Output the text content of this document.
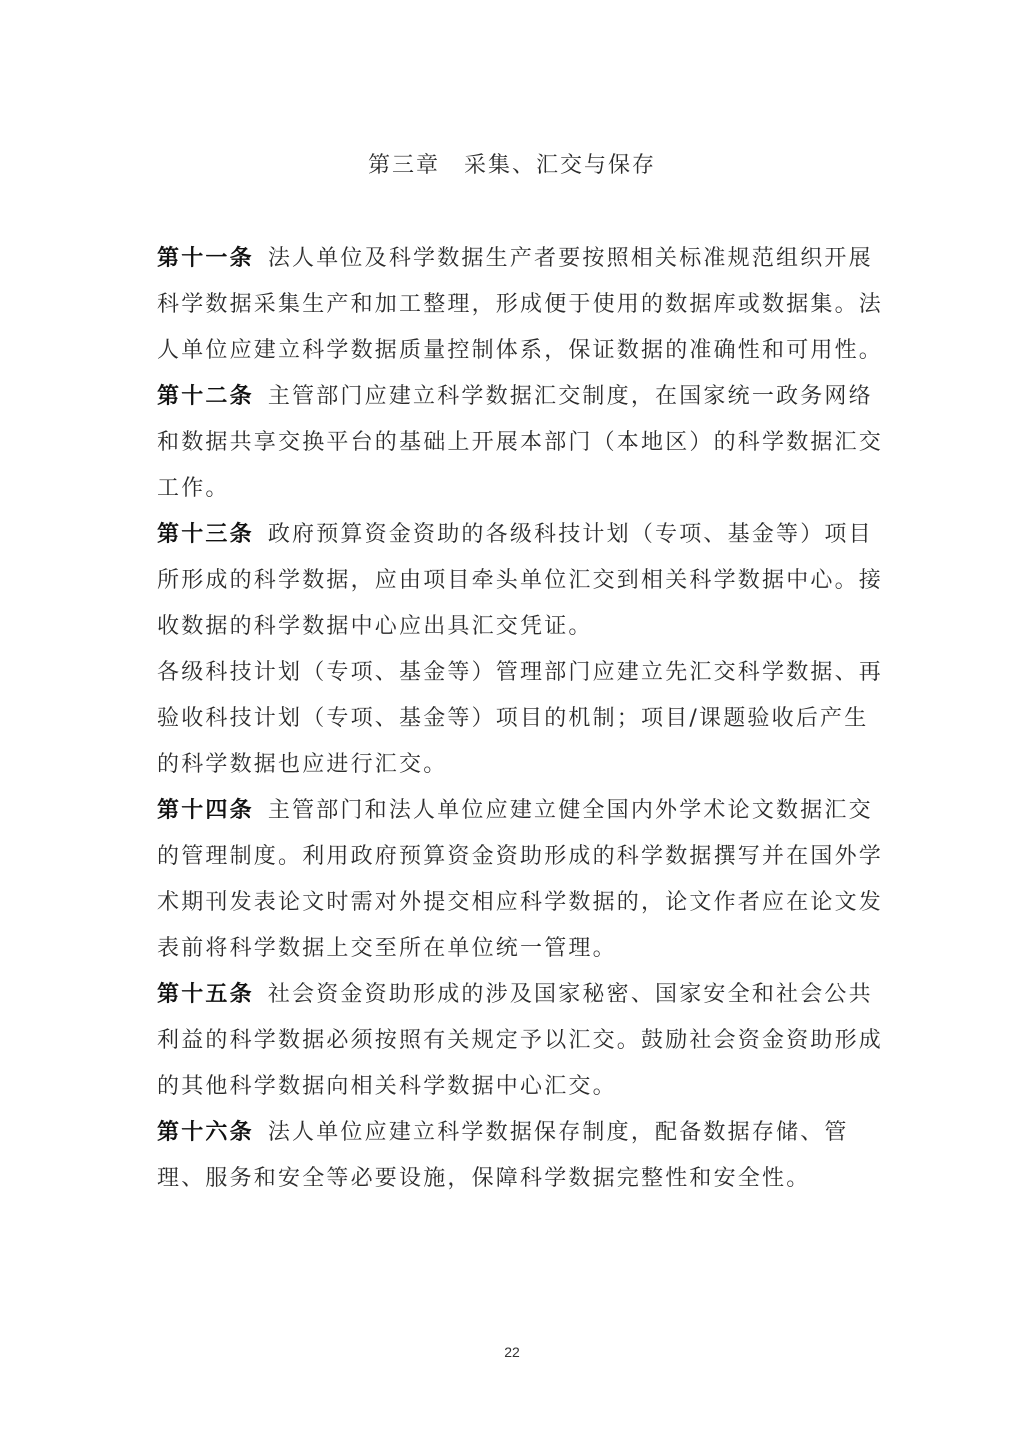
第三章　采集、汇交与保存

第十一条 法人单位及科学数据生产者要按照相关标准规范组织开展科学数据采集生产和加工整理，形成便于使用的数据库或数据集。法人单位应建立科学数据质量控制体系，保证数据的准确性和可用性。

第十二条 主管部门应建立科学数据汇交制度，在国家统一政务网络和数据共享交换平台的基础上开展本部门（本地区）的科学数据汇交工作。

第十三条 政府预算资金资助的各级科技计划（专项、基金等）项目所形成的科学数据，应由项目牵头单位汇交到相关科学数据中心。接收数据的科学数据中心应出具汇交凭证。

各级科技计划（专项、基金等）管理部门应建立先汇交科学数据、再验收科技计划（专项、基金等）项目的机制；项目/课题验收后产生的科学数据也应进行汇交。

第十四条 主管部门和法人单位应建立健全国内外学术论文数据汇交的管理制度。利用政府预算资金资助形成的科学数据撰写并在国外学术期刊发表论文时需对外提交相应科学数据的，论文作者应在论文发表前将科学数据上交至所在单位统一管理。

第十五条 社会资金资助形成的涉及国家秘密、国家安全和社会公共利益的科学数据必须按照有关规定予以汇交。鼓励社会资金资助形成的其他科学数据向相关科学数据中心汇交。

第十六条 法人单位应建立科学数据保存制度，配备数据存储、管理、服务和安全等必要设施，保障科学数据完整性和安全性。

22
